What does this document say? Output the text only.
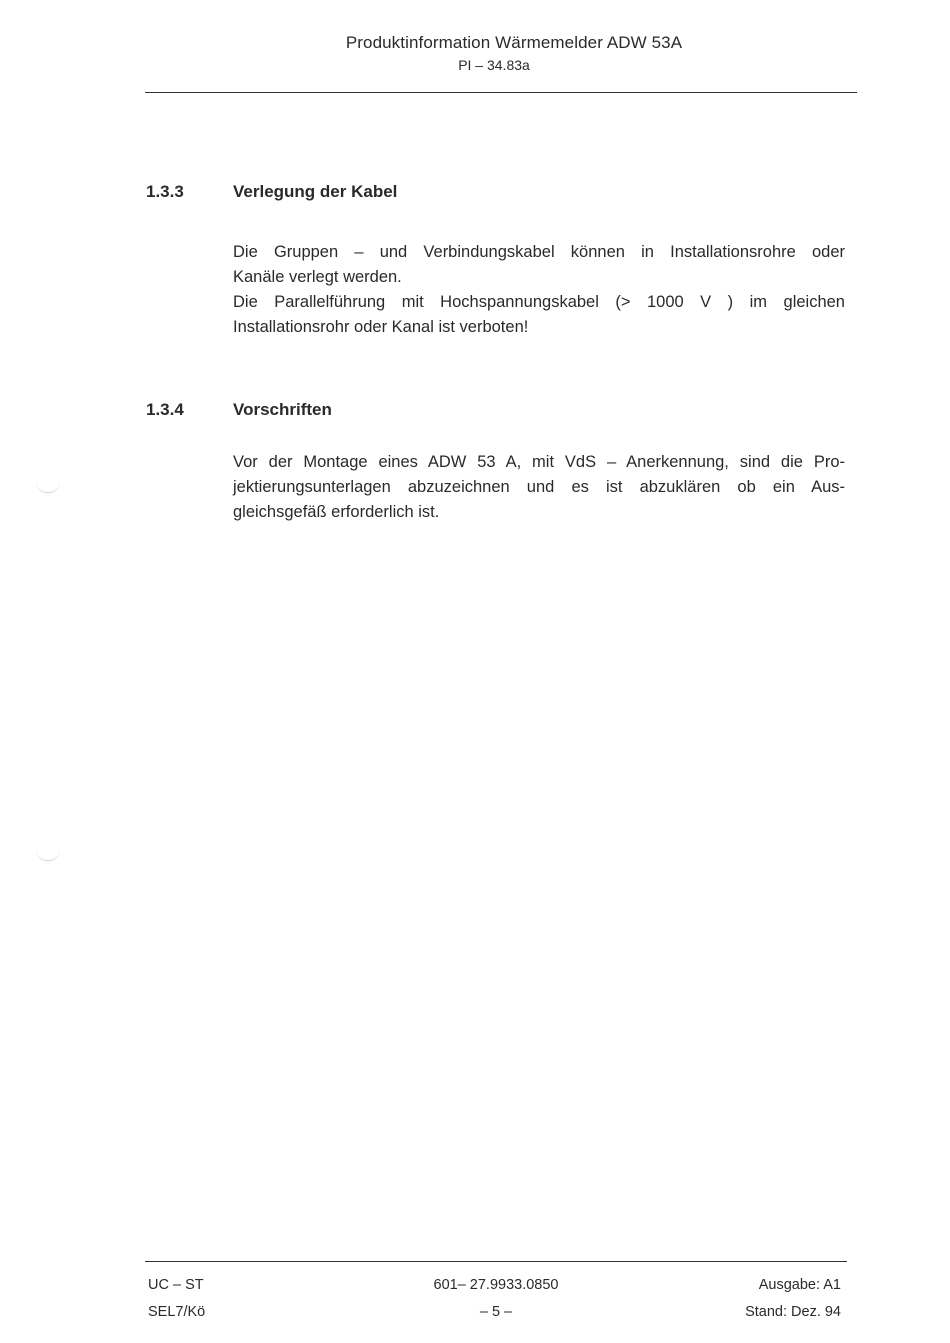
Produktinformation Wärmemelder ADW 53A
PI – 34.83a
1.3.3	Verlegung der Kabel
Die Gruppen – und Verbindungskabel können in Installationsrohre oder
Kanäle verlegt werden.
Die Parallelführung mit Hochspannungskabel (> 1000 V ) im gleichen
Installationsrohr oder Kanal ist verboten!
1.3.4	Vorschriften
Vor der Montage eines ADW 53 A, mit VdS – Anerkennung, sind die Pro-
jektierungsunterlagen abzuzeichnen und es ist abzuklären ob ein Aus-
gleichsgefäß erforderlich ist.
UC – ST
SEL7/Kö
601– 27.9933.0850
– 5 –
Ausgabe: A1
Stand: Dez. 94
